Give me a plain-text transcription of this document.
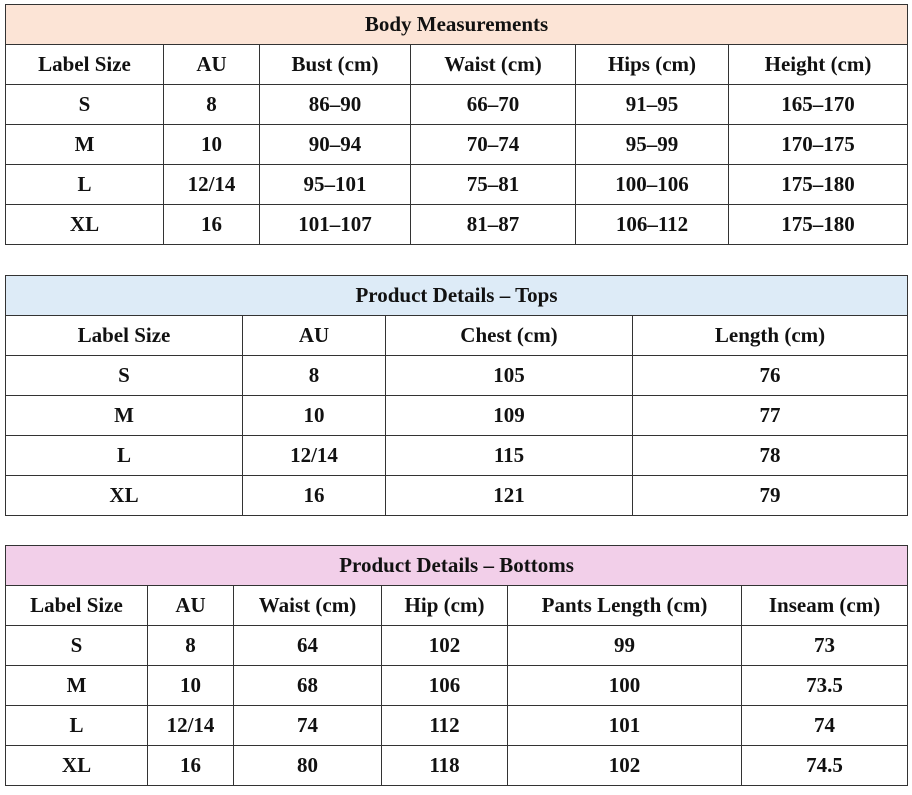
Body Measurements					
Label Size	AU	Bust (cm)	Waist (cm)	Hips (cm)	Height (cm)
S	8	86–90	66–70	91–95	165–170
M	10	90–94	70–74	95–99	170–175
L	12/14	95–101	75–81	100–106	175–180
XL	16	101–107	81–87	106–112	175–180
Product Details – Tops			
Label Size	AU	Chest (cm)	Length (cm)
S	8	105	76
M	10	109	77
L	12/14	115	78
XL	16	121	79
Product Details – Bottoms					
Label Size	AU	Waist (cm)	Hip (cm)	Pants Length (cm)	Inseam (cm)
S	8	64	102	99	73
M	10	68	106	100	73.5
L	12/14	74	112	101	74
XL	16	80	118	102	74.5
